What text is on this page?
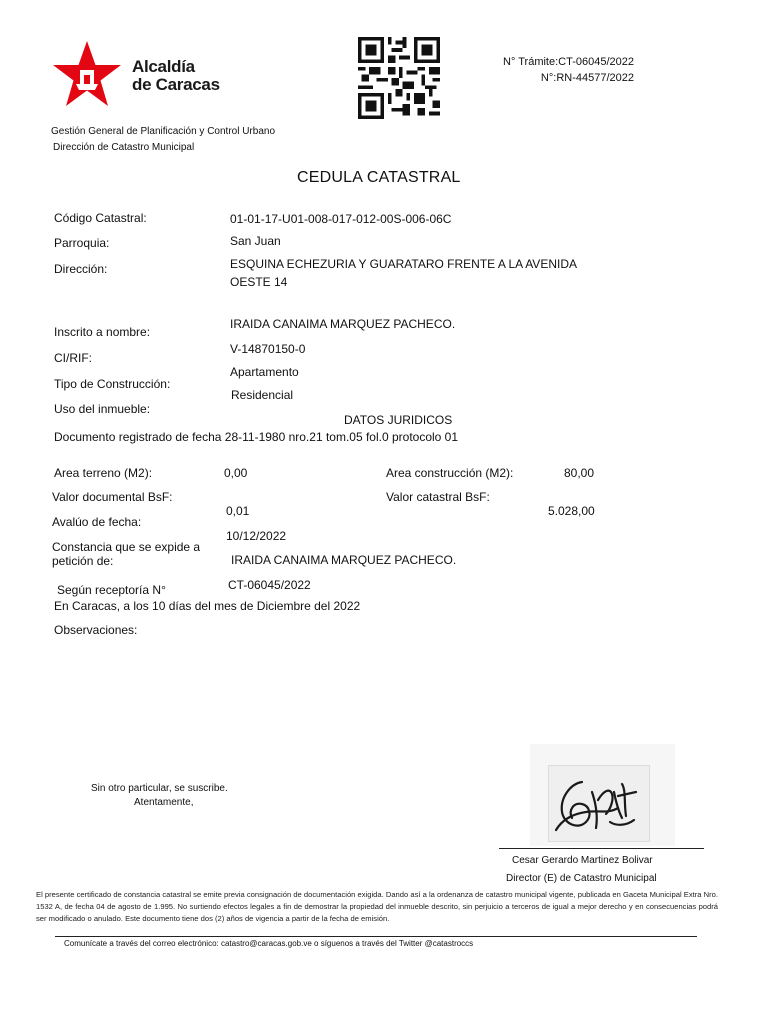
Alcaldía
de Caracas
N° Trámite:CT-06045/2022
N°:RN-44577/2022
Gestión General de Planificación y Control Urbano
Dirección de Catastro Municipal
CEDULA CATASTRAL
Código Catastral:	01-01-17-U01-008-017-012-00S-006-06C
Parroquia:	San Juan
Dirección:	ESQUINA ECHEZURIA Y GUARATARO FRENTE A LA AVENIDA
OESTE 14
Inscrito a nombre:
IRAIDA CANAIMA MARQUEZ PACHECO.
CI/RIF:
V-14870150-0
Tipo de Construcción:
Apartamento
Uso del inmueble:
Residencial
DATOS JURIDICOS
Documento registrado de fecha 28-11-1980 nro.21 tom.05 fol.0 protocolo 01
Area terreno (M2):	0,00	Area construcción (M2):	80,00
Valor documental BsF:
0,01
Valor catastral BsF:
5.028,00
Avalúo de fecha:
10/12/2022
Constancia que se expide a
petición de:	IRAIDA CANAIMA MARQUEZ PACHECO.
Según receptoría N°	CT-06045/2022
En Caracas, a los 10 días del mes de Diciembre del 2022
Observaciones:
Sin otro particular, se suscribe.
Atentamente,
Cesar Gerardo Martinez Bolivar
Director (E) de Catastro Municipal
El presente certificado de constancia catastral se emite previa consignación de documentación exigida. Dando así a la ordenanza de catastro municipal vigente, publicada en Gaceta Municipal Extra Nro. 1532 A, de fecha 04 de agosto de 1.995. No surtiendo efectos legales a fin de demostrar la propiedad del inmueble descrito, sin perjuicio a terceros de igual a mejor derecho y en consecuencias podrá ser modificado o anulado. Este documento tiene dos (2) años de vigencia a partir de la fecha de emisión.
Comunícate a través del correo electrónico: catastro@caracas.gob.ve o síguenos a través del Twitter @catastroccs
